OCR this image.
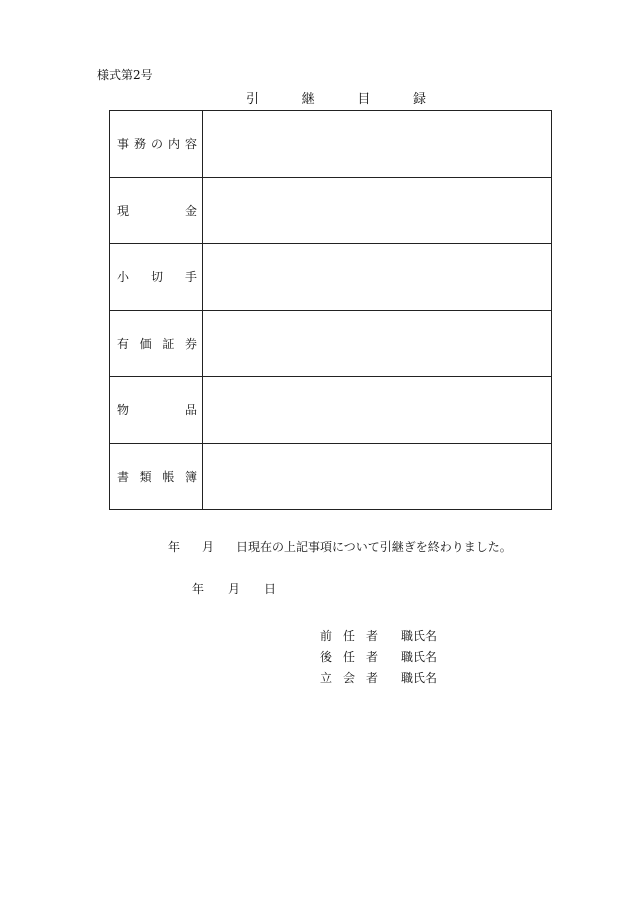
様式第2号
引	継	目	録
事 務 の 内 容
現	金
小 切 手
有 価 証 券
物	品
書 類 帳 簿
年 月 日現在の上記事項について引継ぎを終わりました。
年 月 日
前 任 者 職氏名
後 任 者 職氏名
立 会 者 職氏名
